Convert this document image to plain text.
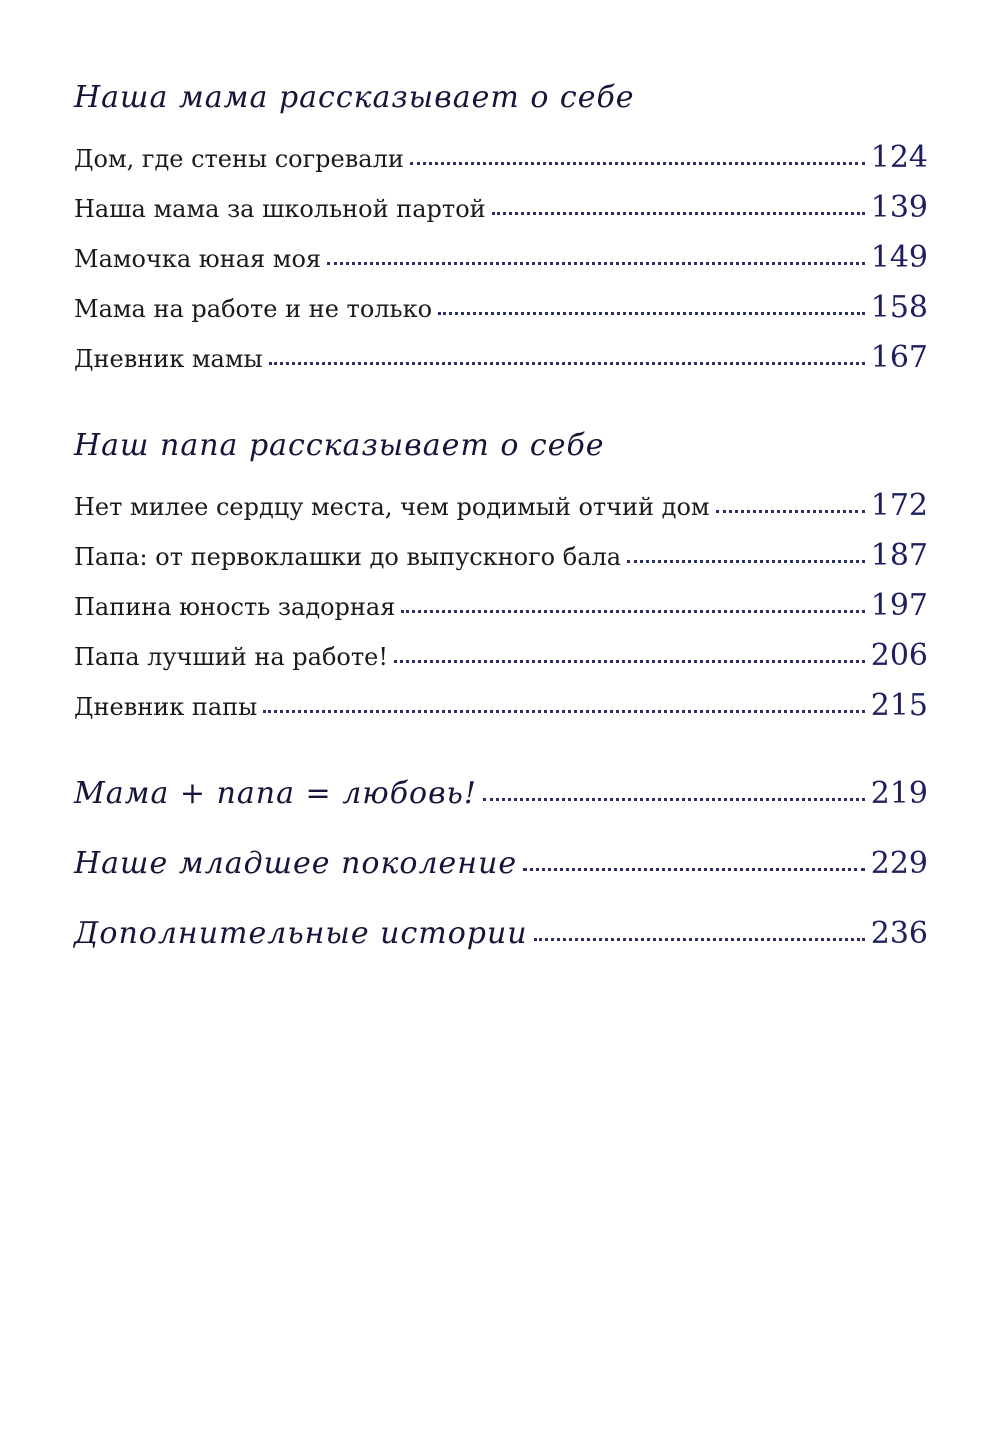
Наша мама рассказывает о себе
Дом, где стены согревали	124
Наша мама за школьной партой	139
Мамочка юная моя	149
Мама на работе и не только	158
Дневник мамы	167
Наш папа рассказывает о себе
Нет милее сердцу места, чем родимый отчий дом	172
Папа: от первоклашки до выпускного бала	187
Папина юность задорная	197
Папа лучший на работе!	206
Дневник папы	215
Мама + папа = любовь!	219
Наше младшее поколение	229
Дополнительные истории	236
